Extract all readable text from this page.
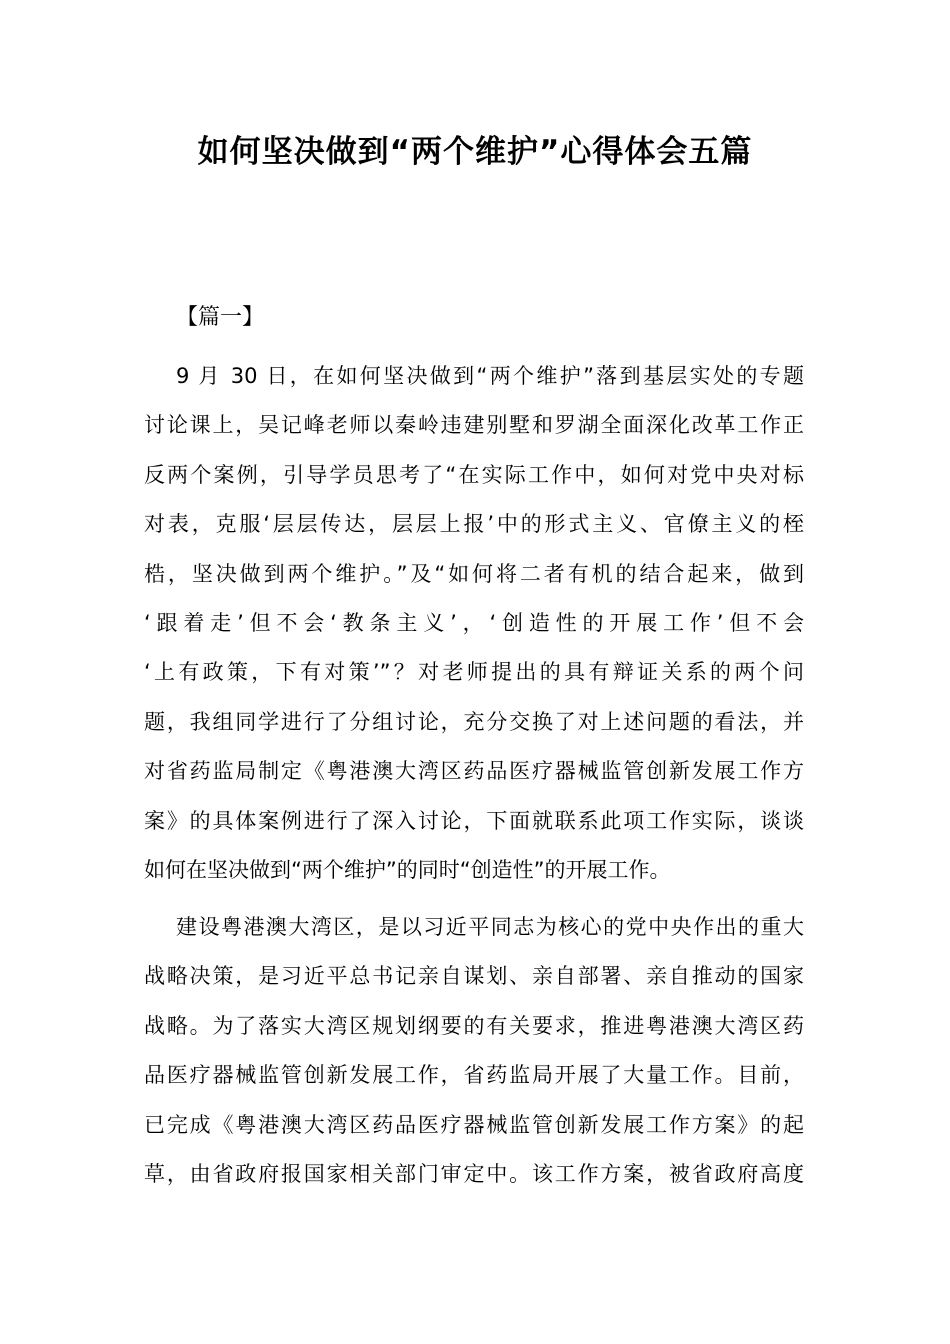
如何坚决做到“两个维护”心得体会五篇

【篇一】

9 月 30 日，在如何坚决做到“两个维护”落到基层实处的专题
讨论课上，吴记峰老师以秦岭违建别墅和罗湖全面深化改革工作正
反两个案例，引导学员思考了“在实际工作中，如何对党中央对标
对表，克服‘层层传达，层层上报’中的形式主义、官僚主义的桎
梏，坚决做到两个维护。”及“如何将二者有机的结合起来，做到
‘跟着走’但不会‘教条主义’，‘创造性的开展工作’但不会
‘上有政策，下有对策’”？对老师提出的具有辩证关系的两个问
题，我组同学进行了分组讨论，充分交换了对上述问题的看法，并
对省药监局制定《粤港澳大湾区药品医疗器械监管创新发展工作方
案》的具体案例进行了深入讨论，下面就联系此项工作实际，谈谈
如何在坚决做到“两个维护”的同时“创造性”的开展工作。
建设粤港澳大湾区，是以习近平同志为核心的党中央作出的重大
战略决策，是习近平总书记亲自谋划、亲自部署、亲自推动的国家
战略。为了落实大湾区规划纲要的有关要求，推进粤港澳大湾区药
品医疗器械监管创新发展工作，省药监局开展了大量工作。目前，
已完成《粤港澳大湾区药品医疗器械监管创新发展工作方案》的起
草，由省政府报国家相关部门审定中。该工作方案，被省政府高度
